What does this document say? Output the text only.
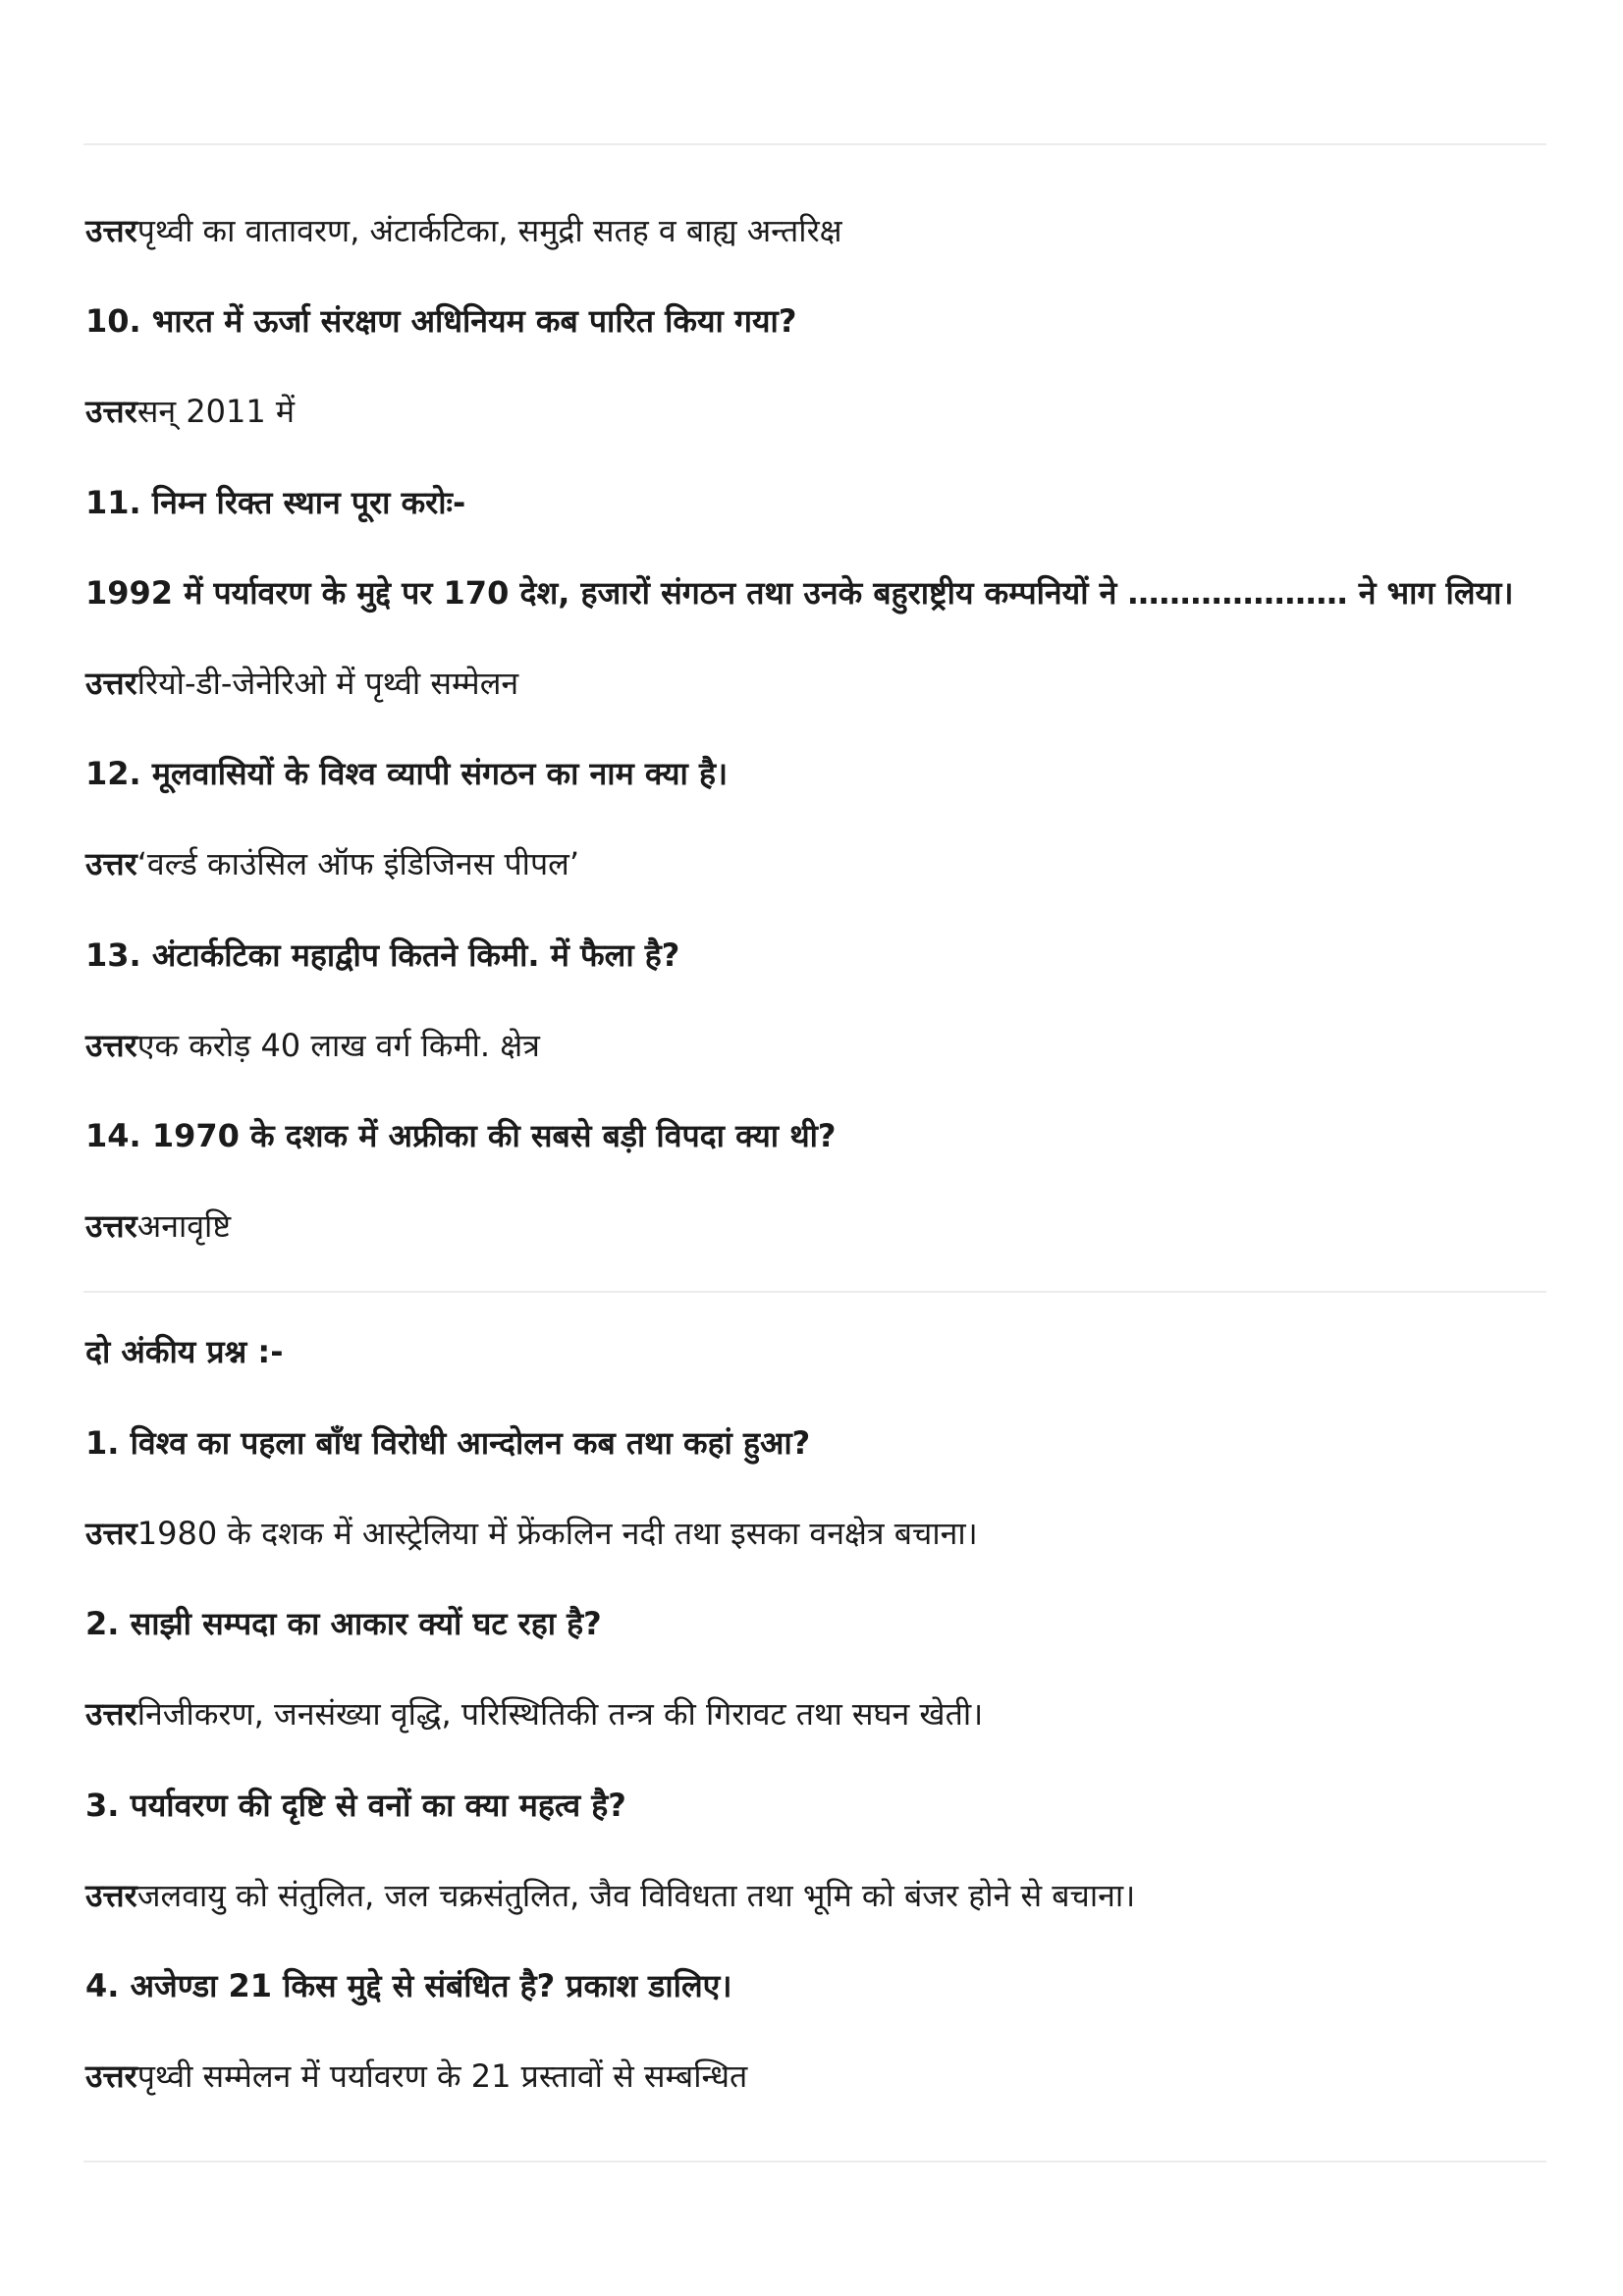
उत्तरपृथ्वी का वातावरण, अंटार्कटिका, समुद्री सतह व बाह्य अन्तरिक्ष
10. भारत में ऊर्जा संरक्षण अधिनियम कब पारित किया गया?
उत्तरसन् 2011 में
11. निम्न रिक्त स्थान पूरा करोः-
1992 में पर्यावरण के मुद्दे पर 170 देश, हजारों संगठन तथा उनके बहुराष्ट्रीय कम्पनियों ने ………………… ने भाग लिया।
उत्तररियो-डी-जेनेरिओ में पृथ्वी सम्मेलन
12. मूलवासियों के विश्व व्यापी संगठन का नाम क्या है।
उत्तर‘वर्ल्ड काउंसिल ऑफ इंडिजिनस पीपल’
13. अंटार्कटिका महाद्वीप कितने किमी. में फैला है?
उत्तरएक करोड़ 40 लाख वर्ग किमी. क्षेत्र
14. 1970 के दशक में अफ्रीका की सबसे बड़ी विपदा क्या थी?
उत्तरअनावृष्टि
दो अंकीय प्रश्न :-
1. विश्व का पहला बाँध विरोधी आन्दोलन कब तथा कहां हुआ?
उत्तर1980 के दशक में आस्ट्रेलिया में फ्रेंकलिन नदी तथा इसका वनक्षेत्र बचाना।
2. साझी सम्पदा का आकार क्यों घट रहा है?
उत्तरनिजीकरण, जनसंख्या वृद्धि, परिस्थितिकी तन्त्र की गिरावट तथा सघन खेती।
3. पर्यावरण की दृष्टि से वनों का क्या महत्व है?
उत्तरजलवायु को संतुलित, जल चक्रसंतुलित, जैव विविधता तथा भूमि को बंजर होने से बचाना।
4. अजेण्डा 21 किस मुद्दे से संबंधित है? प्रकाश डालिए।
उत्तरपृथ्वी सम्मेलन में पर्यावरण के 21 प्रस्तावों से सम्बन्धित
